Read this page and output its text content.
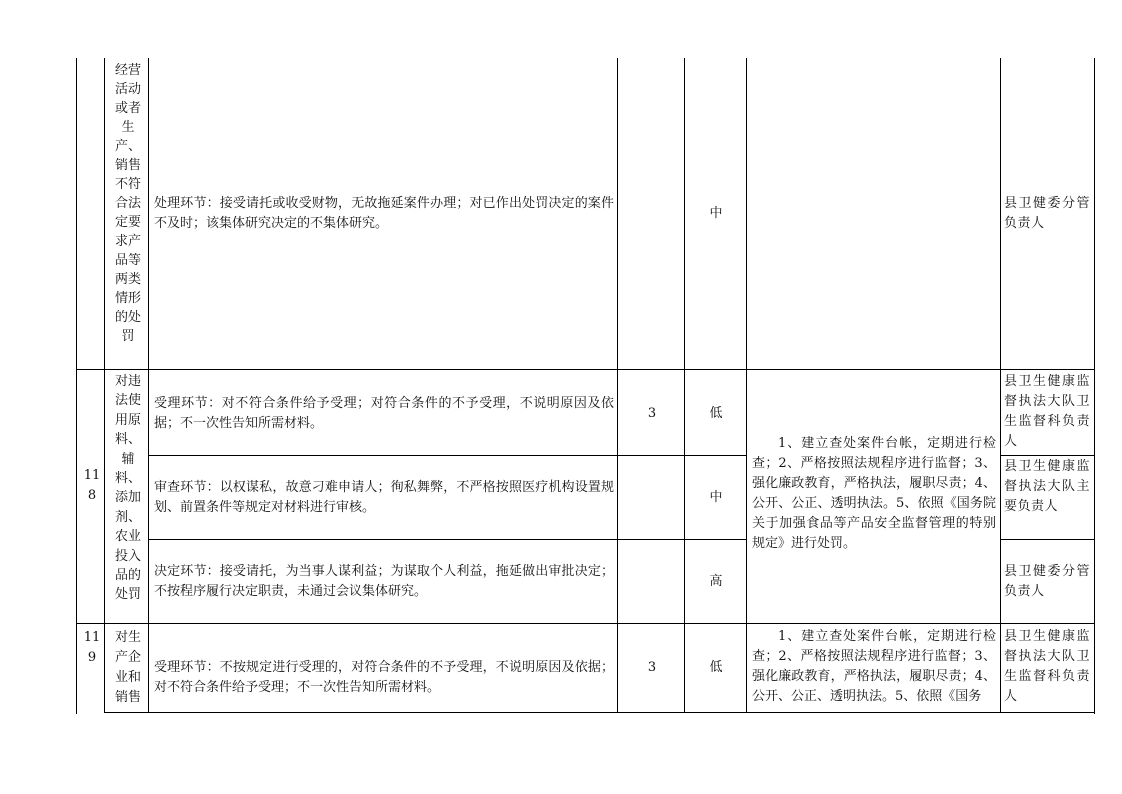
经营活动或者生产、销售不符合法定要求产品等两类情形的处罚
处理环节：接受请托或收受财物，无故拖延案件办理；对已作出处罚决定的案件不及时；该集体研究决定的不集体研究。
中
县卫健委分管负责人
118
对违法使用原料、辅料、添加剂、农业投入品的处罚
受理环节：对不符合条件给予受理；对符合条件的不予受理，不说明原因及依据；不一次性告知所需材料。
3	低
县卫生健康监督执法大队卫生监督科负责人
审查环节：以权谋私，故意刁难申请人；徇私舞弊，不严格按照医疗机构设置规划、前置条件等规定对材料进行审核。
中
县卫生健康监督执法大队主要负责人
决定环节：接受请托，为当事人谋利益；为谋取个人利益，拖延做出审批决定；不按程序履行决定职责，未通过会议集体研究。
高
县卫健委分管负责人
1、建立查处案件台帐，定期进行检查；2、严格按照法规程序进行监督；3、强化廉政教育，严格执法，履职尽责；4、公开、公正、透明执法。5、依照《国务院关于加强食品等产品安全监督管理的特别规定》进行处罚。
119
对生产企业和销售
受理环节：不按规定进行受理的，对符合条件的不予受理，不说明原因及依据；对不符合条件给予受理；不一次性告知所需材料。
3	低
1、建立查处案件台帐，定期进行检查；2、严格按照法规程序进行监督；3、强化廉政教育，严格执法，履职尽责；4、公开、公正、透明执法。5、依照《国务
县卫生健康监督执法大队卫生监督科负责人
